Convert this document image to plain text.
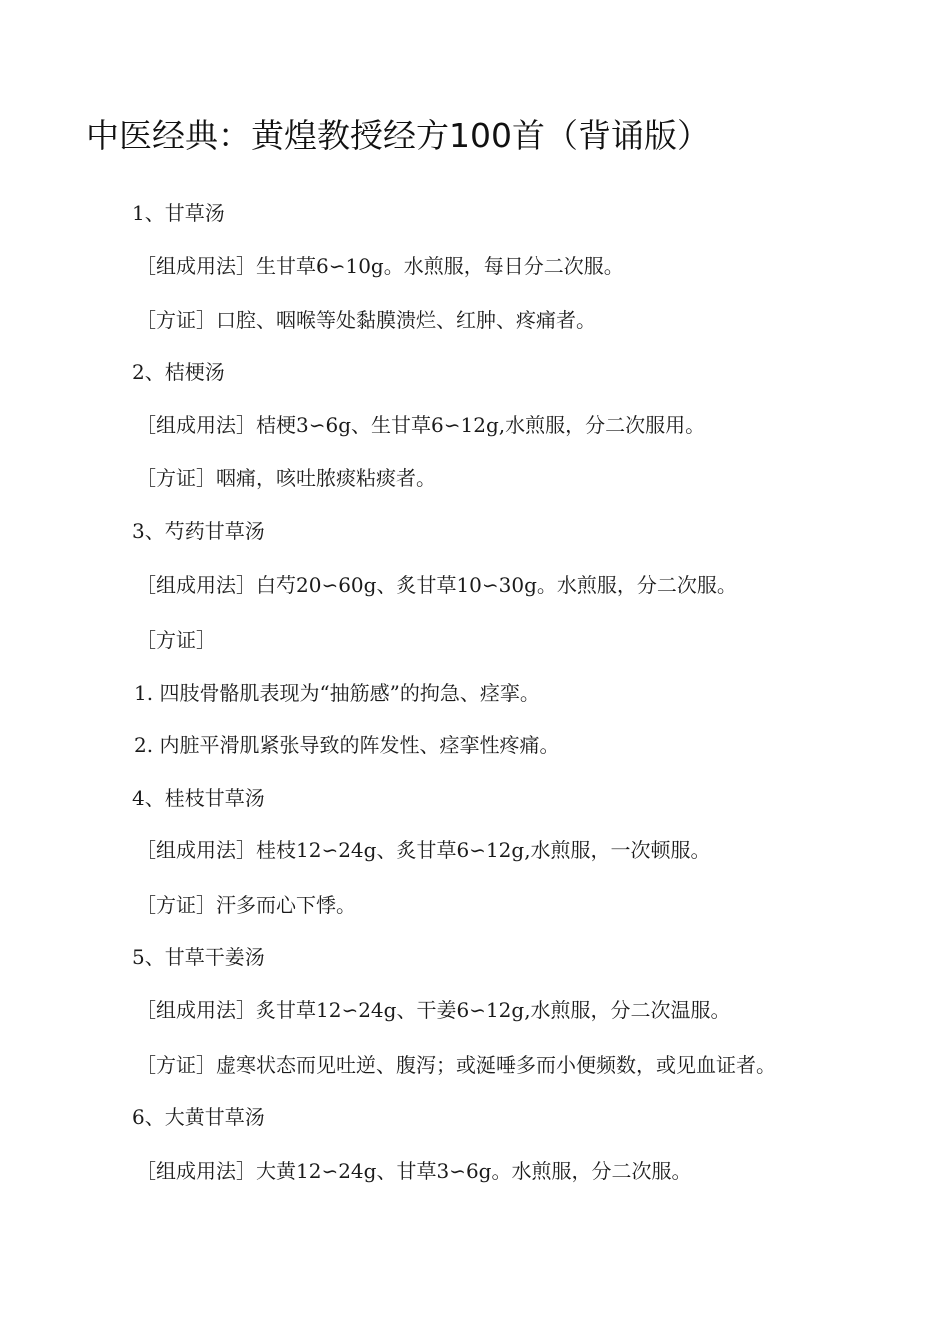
中医经典：黄煌教授经方100首（背诵版）

1、甘草汤

［组成用法］生甘草6∽10g。水煎服，每日分二次服。

［方证］口腔、咽喉等处黏膜溃烂、红肿、疼痛者。

2、桔梗汤

［组成用法］桔梗3∽6g、生甘草6∽12g,水煎服，分二次服用。

［方证］咽痛，咳吐脓痰粘痰者。

3、芍药甘草汤

［组成用法］白芍20∽60g、炙甘草10∽30g。水煎服，分二次服。

［方证］

1. 四肢骨骼肌表现为“抽筋感”的拘急、痉挛。

2. 内脏平滑肌紧张导致的阵发性、痉挛性疼痛。

4、桂枝甘草汤

［组成用法］桂枝12∽24g、炙甘草6∽12g,水煎服，一次顿服。

［方证］汗多而心下悸。

5、甘草干姜汤

［组成用法］炙甘草12∽24g、干姜6∽12g,水煎服，分二次温服。

［方证］虚寒状态而见吐逆、腹泻；或涎唾多而小便频数，或见血证者。

6、大黄甘草汤

［组成用法］大黄12∽24g、甘草3∽6g。水煎服，分二次服。
